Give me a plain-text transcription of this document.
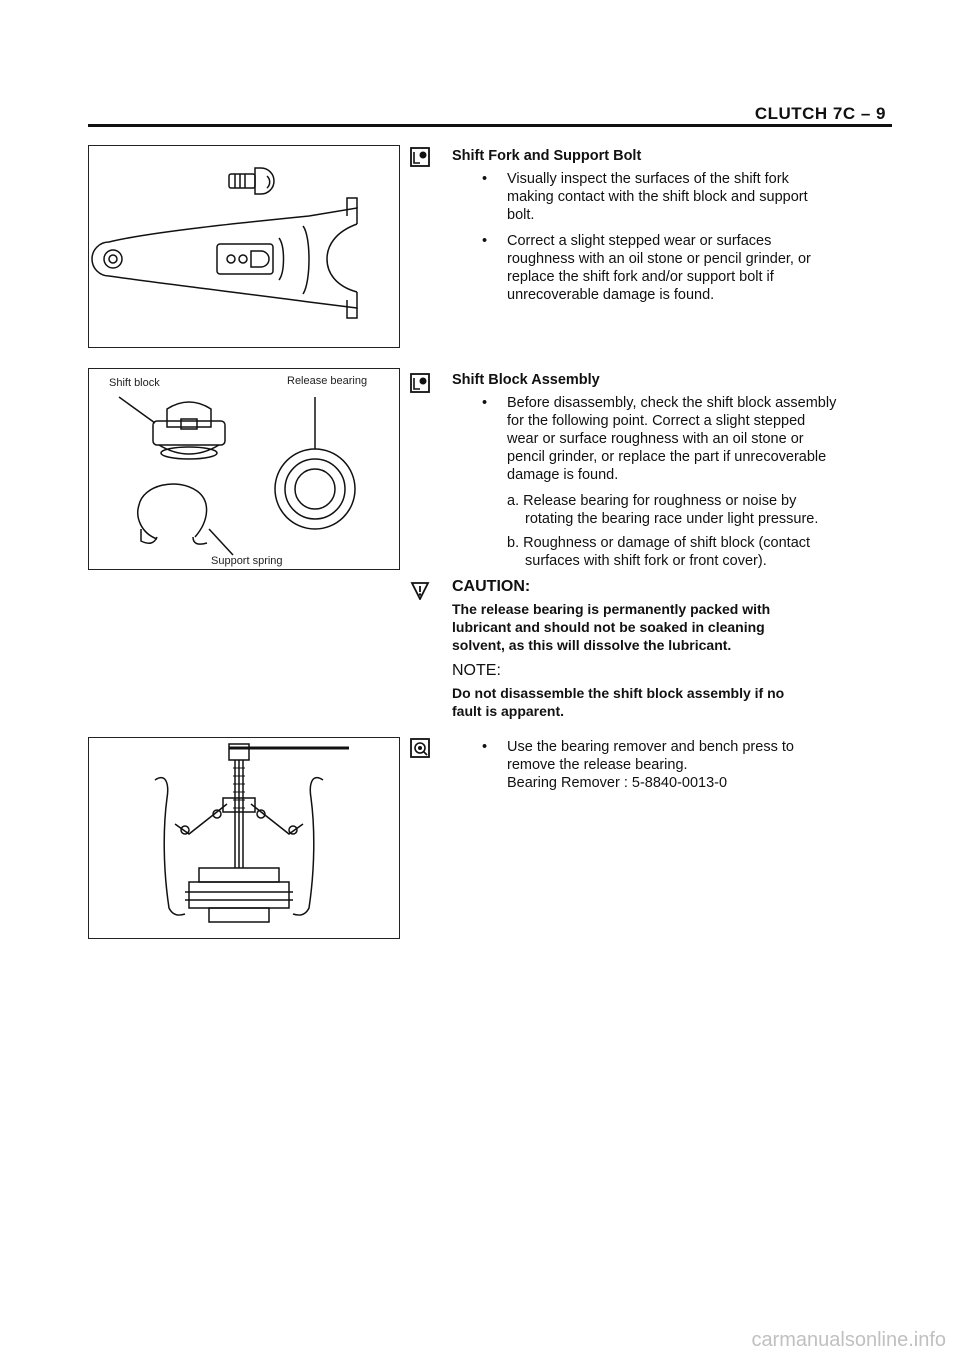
CLUTCH 7C – 9
Shift block	Release bearing
Support spring
Shift Fork and Support Bolt
• Visually inspect the surfaces of the shift fork
making contact with the shift block and support
bolt.
• Correct a slight stepped wear or surfaces
roughness with an oil stone or pencil grinder, or
replace the shift fork and/or support bolt if
unrecoverable damage is found.
Shift Block Assembly
• Before disassembly, check the shift block assembly
for the following point. Correct a slight stepped
wear or surface roughness with an oil stone or
pencil grinder, or replace the part if unrecoverable
damage is found.
a. Release bearing for roughness or noise by
rotating the bearing race under light pressure.
b. Roughness or damage of shift block (contact
surfaces with shift fork or front cover).
CAUTION:
The release bearing is permanently packed with
lubricant and should not be soaked in cleaning
solvent, as this will dissolve the lubricant.
NOTE:
Do not disassemble the shift block assembly if no
fault is apparent.
• Use the bearing remover and bench press to
remove the release bearing.
Bearing Remover : 5-8840-0013-0
carmanualsonline.info
